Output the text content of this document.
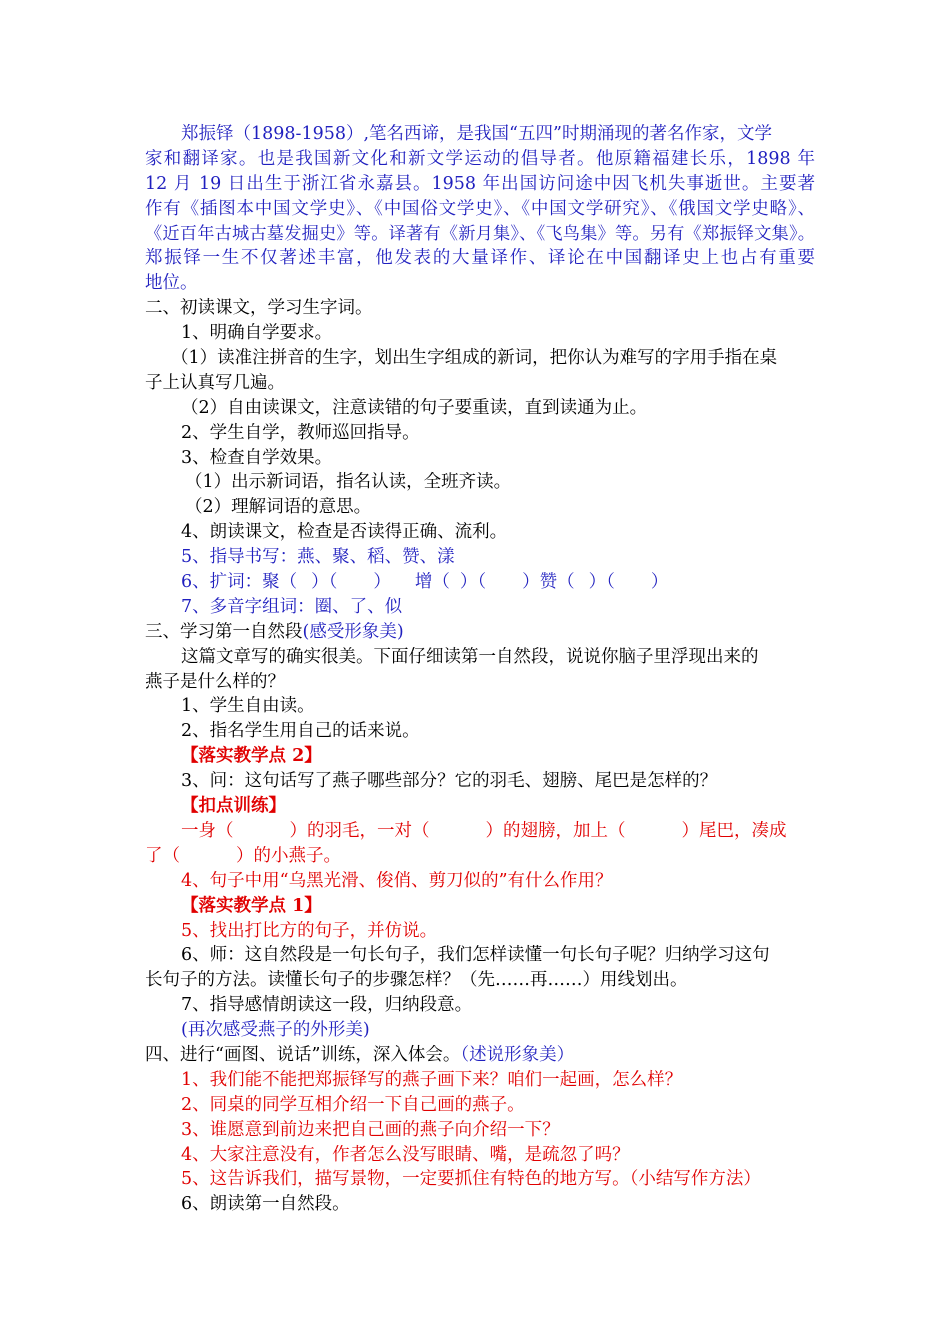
郑振铎（1898-1958）,笔名西谛，是我国“五四”时期涌现的著名作家，文学
家和翻译家。也是我国新文化和新文学运动的倡导者。他原籍福建长乐，1898 年
12 月 19 日出生于浙江省永嘉县。1958 年出国访问途中因飞机失事逝世。主要著
作有《插图本中国文学史》、《中国俗文学史》、《中国文学研究》、《俄国文学史略》、
《近百年古城古墓发掘史》等。译著有《新月集》、《飞鸟集》等。另有《郑振铎文集》。
郑振铎一生不仅著述丰富，他发表的大量译作、译论在中国翻译史上也占有重要
地位。
二、初读课文，学习生字词。
1、明确自学要求。
（1）读准注拼音的生字，划出生字组成的新词，把你认为难写的字用手指在桌
子上认真写几遍。
（2）自由读课文，注意读错的句子要重读，直到读通为止。
2、学生自学，教师巡回指导。
3、检查自学效果。
（1）出示新词语，指名认读，全班齐读。
（2）理解词语的意思。
4、朗读课文，检查是否读得正确、流利。
5、指导书写：燕、聚、稻、赞、漾
6、扩词：聚（ ）（ ） 增（ ）（ ）赞（ ）（ ）
7、多音字组词：圈、了、似
三、学习第一自然段(感受形象美)
这篇文章写的确实很美。下面仔细读第一自然段，说说你脑子里浮现出来的
燕子是什么样的？
1、学生自由读。
2、指名学生用自己的话来说。
【落实教学点 2】
3、问：这句话写了燕子哪些部分？它的羽毛、翅膀、尾巴是怎样的？
【扣点训练】
一身（	）的羽毛，一对（	）的翅膀，加上（	）尾巴，凑成
了（	）的小燕子。
4、句子中用“乌黑光滑、俊俏、剪刀似的”有什么作用？
【落实教学点 1】
5、找出打比方的句子，并仿说。
6、师：这自然段是一句长句子，我们怎样读懂一句长句子呢？归纳学习这句
长句子的方法。读懂长句子的步骤怎样？（先……再……）用线划出。
7、指导感情朗读这一段，归纳段意。
(再次感受燕子的外形美)
四、进行“画图、说话”训练，深入体会。（述说形象美）
1、我们能不能把郑振铎写的燕子画下来？咱们一起画，怎么样？
2、同桌的同学互相介绍一下自己画的燕子。
3、谁愿意到前边来把自己画的燕子向介绍一下？
4、大家注意没有，作者怎么没写眼睛、嘴，是疏忽了吗？
5、这告诉我们，描写景物，一定要抓住有特色的地方写。（小结写作方法）
6、朗读第一自然段。
